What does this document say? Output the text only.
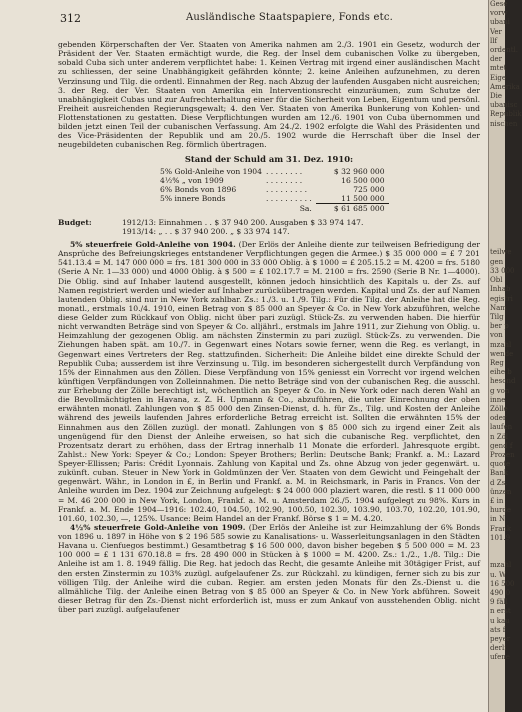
312	Ausländische Staatspapiere, Fonds etc.

gebenden Körperschaften der Ver. Staaten von Amerika nahmen am 2./3. 1901 ein Gesetz, wodurch der Präsident der Ver. Staaten ermächtigt wurde, die Reg. der Insel dem cubanischen Volke zu übergeben, sobald Cuba sich unter anderem verpflichtet habe: 1. Keinen Vertrag mit irgend einer ausländischen Macht zu schliessen, der seine Unabhängigkeit gefährden könnte; 2. keine Anleihen aufzunehmen, zu deren Verzinsung und Tilg. die ordentl. Einnahmen der Reg. nach Abzug der laufenden Ausgaben nicht ausreichen; 3. der Reg. der Ver. Staaten von Amerika ein Interventionsrecht einzuräumen, zum Schutze der unabhängigkeit Cubas und zur Aufrechterhaltung einer für die Sicherheit von Leben, Eigentum und persönl. Freiheit ausreichenden Regierungsgewalt; 4. den Ver. Staaten von Amerika Bunkerung von Kohlen- und Flottenstationen zu gestatten. Diese Verpflichtungen wurden am 12./6. 1901 von Cuba übernommen und bilden jetzt einen Teil der cubanischen Verfassung. Am 24./2. 1902 erfolgte die Wahl des Präsidenten und des Vice-Präsidenten der Republik und am 20./5. 1902 wurde die Herrschaft über die Insel der neugebildeten cubanischen Reg. förmlich übertragen.

Stand der Schuld am 31. Dez. 1910:
5% Gold-Anleihe von 1904	. . . . . . . .	$ 32 960 000
4½% „ von 1909	. . . . . . . .	16 500 000
6% Bonds von 1896	. . . . . . . . .	725 000
5% innere Bonds	. . . . . . . . . .	11 500 000
	Sa.	$ 61 685 000
Budget:	1912/13: Einnahmen . . $ 37 940 200. Ausgaben $ 33 974 147.
1913/14: „ . . $ 37 940 200. „ $ 33 974 147.

5% steuerfreie Gold-Anleihe von 1904. (Der Erlös der Anleihe diente zur teilweisen Befriedigung der Ansprüche des Befreiungskrieges entstandener Verpflichtungen gegen die Armee.) $ 35 000 000 = £ 7 201 541.13.4 = M. 147 000 000 = frs. 181 300 000 in 33 000 Oblig. à $ 1000 = £ 205.15.2 = M. 4200 = frs. 5180 (Serie A Nr. 1—33 000) und 4000 Oblig. à $ 500 = £ 102.17.7 = M. 2100 = frs. 2590 (Serie B Nr. 1—4000). Die Oblig. sind auf Inhaber lautend ausgestellt, können jedoch hinsichtlich des Kapitals u. der Zs. auf Namen registriert werden und wieder auf Inhaber zurückübertragen werden. Kapital und Zs. der auf Namen lautenden Oblig. sind nur in New York zahlbar. Zs.: 1./3. u. 1./9. Tilg.: Für die Tilg. der Anleihe hat die Reg. monatl., erstmals 10./4. 1910, einen Betrag von $ 85 000 an Speyer & Co. in New York abzuführen, welche diese Gelder zum Rückkauf von Oblig. nicht über pari zuzügl. Stück-Zs. zu verwenden haben. Die hierfür nicht verwandten Beträge sind von Speyer & Co. alljährl., erstmals im Jahre 1911, zur Ziehung von Oblig. u. Heimzahlung der gezogenen Oblig. am nächsten Zinstermin zu pari zuzügl. Stück-Zs. zu verwenden. Die Ziehungen haben spät. am 10./7. in Gegenwart eines Notars sowie ferner, wenn die Reg. es verlangt, in Gegenwart eines Vertreters der Reg. stattzufinden. Sicherheit: Die Anleihe bildet eine direkte Schuld der Republik Cuba; ausserdem ist ihre Verzinsung u. Tilg. im besonderen sichergestellt durch Verpfändung von 15% der Einnahmen aus den Zöllen. Diese Verpfändung von 15% geniesst ein Vorrecht vor irgend welchen künftigen Verpfändungen von Zolleinnahmen. Die netto Beträge sind von der cubanischen Reg. die ausschl. zur Erhebung der Zölle berechtigt ist, wöchentlich an Speyer & Co. in New York oder nach deren Wahl an die Bevollmächtigten in Havana, z. Z. H. Upmann & Co., abzuführen, die unter Einrechnung der oben erwähnten monatl. Zahlungen von $ 85 000 den Zinsen-Dienst, d. h. für Zs., Tilg. und Kosten der Anleihe während des jeweils laufenden Jahres erforderliche Betrag erreicht ist. Sollten die erwähnten 15% der Einnahmen aus den Zöllen zuzügl. der monatl. Zahlungen von $ 85 000 sich zu irgend einer Zeit als ungenügend für den Dienst der Anleihe erweisen, so hat sich die cubanische Reg. verpflichtet, den Prozentsatz derart zu erhöhen, dass der Ertrag innerhalb 11 Monate die erforderl. Jahresquote ergibt. Zahlst.: New York: Speyer & Co.; London: Speyer Brothers; Berlin: Deutsche Bank; Frankf. a. M.: Lazard Speyer-Ellissen; Paris: Crédit Lyonnais. Zahlung von Kapital und Zs. ohne Abzug von jeder gegenwärt. u. zukünft. cuban. Steuer in New York in Goldmünzen der Ver. Staaten von dem Gewicht und Feingehalt der gegenwärt. Währ., in London in £, in Berlin und Frankf. a. M. in Reichsmark, in Paris in Francs. Von der Anleihe wurden im Dez. 1904 zur Zeichnung aufgelegt: $ 24 000 000 plaziert waren, die restl. $ 11 000 000 = M. 46 200 000 in New York, London, Frankf. a. M. u. Amsterdam 26./5. 1904 aufgelegt zu 98%. Kurs in Frankf. a. M. Ende 1904—1916: 102.40, 104.50, 102.90, 100.50, 102.30, 103.90, 103.70, 102.20, 101.90, 101.60, 102.30, —, 125%. Usance: Beim Handel an der Frankf. Börse $ 1 = M. 4.20.

4½% steuerfreie Gold-Anleihe von 1909. (Der Erlös der Anleihe ist zur Heimzahlung der 6% Bonds von 1896 u. 1897 in Höhe von $ 2 196 585 sowie zu Kanalisations- u. Wasserleitungsanlagen in den Städten Havana u. Cienfuegos bestimmt.) Gesamtbetrag $ 16 500 000, davon bisher begeben $ 5 500 000 = M. 23 100 000 = £ 1 131 670.18.8 = frs. 28 490 000 in Stücken à $ 1000 = M. 4200. Zs.: 1./2., 1./8. Tilg.: Die Anleihe ist am 1. 8. 1949 fällig. Die Reg. hat jedoch das Recht, die gesamte Anleihe mit 30tägiger Frist, auf den ersten Zinstermin zu 103% zuzügl. aufgelaufener Zs. zur Rückzahl. zu kündigen, ferner sich zu bis zur völligen Tilg. der Anleihe wird die cuban. Regier. am ersten jeden Monats für den Zs.-Dienst u. die allmähliche Tilg. der Anleihe einen Betrag von $ 85 000 an Speyer & Co. in New York abführen. Soweit dieser Betrag für den Zs.-Dienst nicht erforderlich ist, muss er zum Ankauf von ausstehenden Oblig. nicht über pari zuzügl. aufgelaufener

Gese
vorw
ubani
Ver
llf
ordentl.
der
mtet
Eige
Amerika
Die
ubanisc
Republik
nischen

teilwe
gen
33 000
Obl
Inhab
egistri
Nam
Tilg
ber p
von
mzahl
wende
Reg
eihe b
hesond
g von
inne
Zölle
oder
laufen
n Zöl
gend f
Prozen
quote
Bank
d Zs.
ünzen
£ in
hurde
in N
Frank
101.9

mzahl
u. W
16 500
490 0
9 fäll
n erst
u kau
ats f
peyer
derli
ufene
